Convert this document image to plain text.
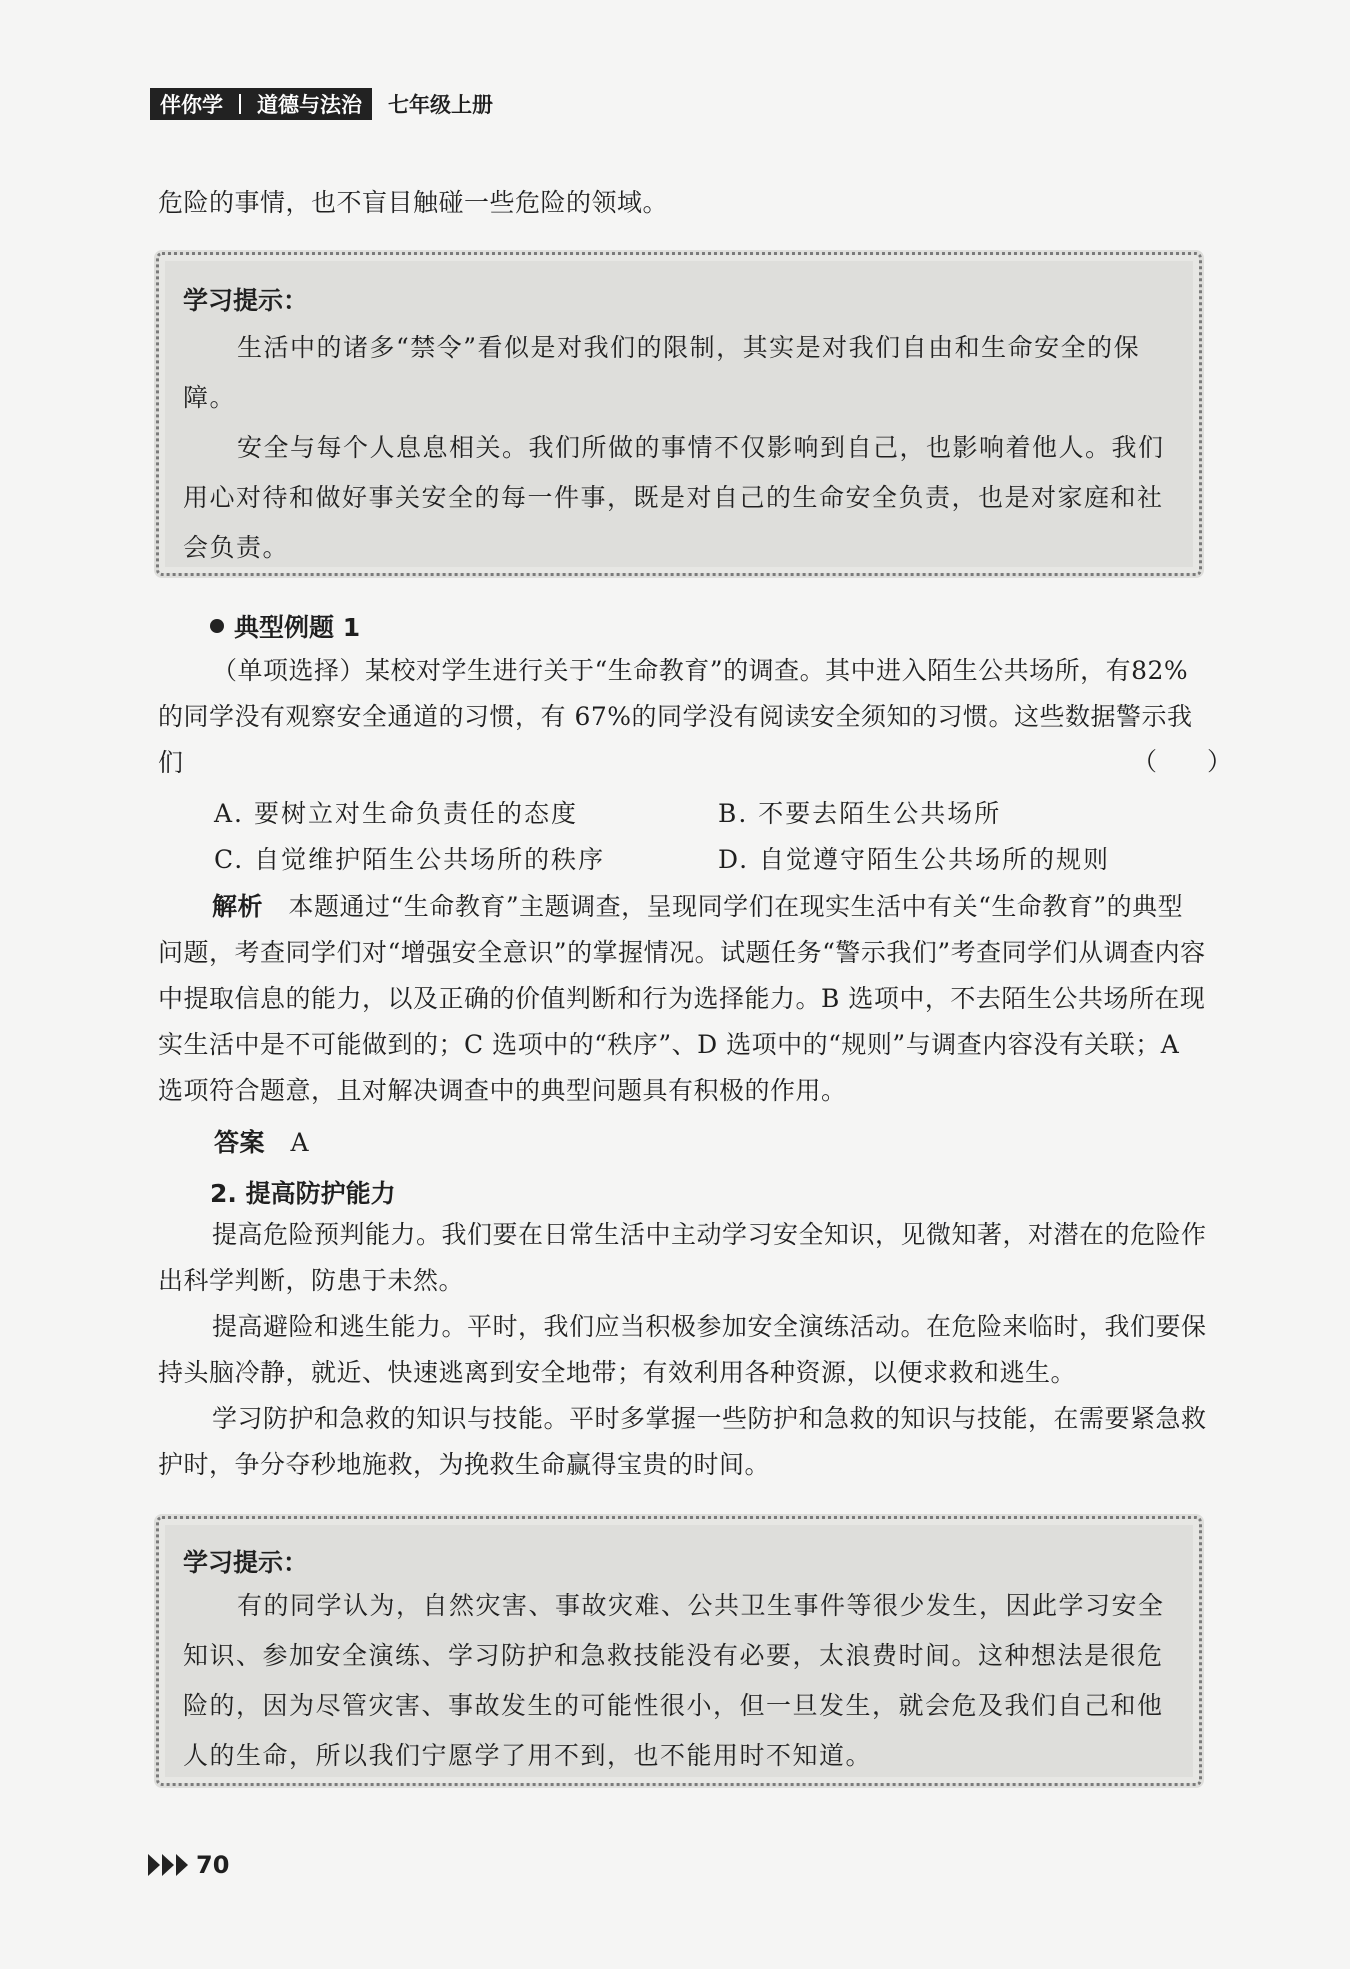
伴你学 道德与法治 七年级上册
危险的事情，也不盲目触碰一些危险的领域。
学习提示：
生活中的诸多“禁令”看似是对我们的限制，其实是对我们自由和生命安全的保障。
安全与每个人息息相关。我们所做的事情不仅影响到自己，也影响着他人。我们用心对待和做好事关安全的每一件事，既是对自己的生命安全负责，也是对家庭和社会负责。
典型例题 1
（单项选择）某校对学生进行关于“生命教育”的调查。其中进入陌生公共场所，有82%的同学没有观察安全通道的习惯，有 67%的同学没有阅读安全须知的习惯。这些数据警示我们	（　　）
A. 要树立对生命负责任的态度	B. 不要去陌生公共场所
C. 自觉维护陌生公共场所的秩序	D. 自觉遵守陌生公共场所的规则
解析　 本题通过“生命教育”主题调查，呈现同学们在现实生活中有关“生命教育”的典型问题，考查同学们对“增强安全意识”的掌握情况。试题任务“警示我们”考查同学们从调查内容中提取信息的能力，以及正确的价值判断和行为选择能力。B 选项中，不去陌生公共场所在现实生活中是不可能做到的；C 选项中的“秩序”、D 选项中的“规则”与调查内容没有关联；A 选项符合题意，且对解决调查中的典型问题具有积极的作用。
答案　 A
2. 提高防护能力
提高危险预判能力。我们要在日常生活中主动学习安全知识，见微知著，对潜在的危险作出科学判断，防患于未然。
提高避险和逃生能力。平时，我们应当积极参加安全演练活动。在危险来临时，我们要保持头脑冷静，就近、快速逃离到安全地带；有效利用各种资源，以便求救和逃生。
学习防护和急救的知识与技能。平时多掌握一些防护和急救的知识与技能，在需要紧急救护时，争分夺秒地施救，为挽救生命赢得宝贵的时间。
学习提示：
有的同学认为，自然灾害、事故灾难、公共卫生事件等很少发生，因此学习安全知识、参加安全演练、学习防护和急救技能没有必要，太浪费时间。这种想法是很危险的，因为尽管灾害、事故发生的可能性很小，但一旦发生，就会危及我们自己和他人的生命，所以我们宁愿学了用不到，也不能用时不知道。
70
